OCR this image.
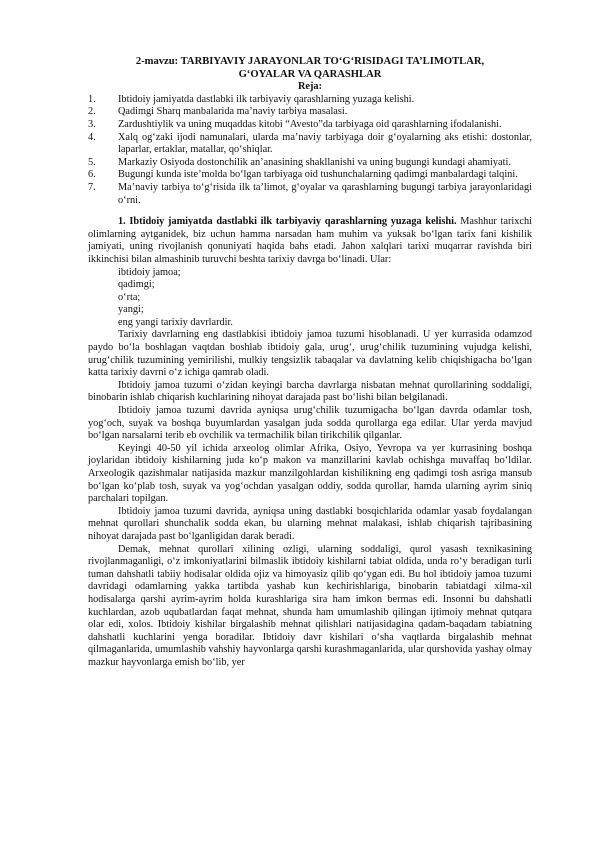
2-mavzu: TARBIYAVIY JARAYONLAR TO‘G‘RISIDAGI TA’LIMOTLAR,
G‘OYALAR VA QARASHLAR
Reja:
1. Ibtidoiy jamiyatda dastlabki ilk tarbiyaviy qarashlarning yuzaga kelishi.
2. Qadimgi Sharq manbalarida ma’naviy tarbiya masalasi.
3. Zardushtiylik va uning muqaddas kitobi “Avesto”da tarbiyaga oid qarashlarning ifodalanishi.
4. Xalq og‘zaki ijodi namunalari, ularda ma’naviy tarbiyaga doir g‘oyalarning aks etishi: dostonlar, laparlar, ertaklar, matallar, qo‘shiqlar.
5. Markaziy Osiyoda dostonchilik an’anasining shakllanishi va uning bugungi kundagi ahamiyati.
6. Bugungi kunda iste’molda bo‘lgan tarbiyaga oid tushunchalarning qadimgi manbalardagi talqini.
7. Ma’naviy tarbiya to‘g‘risida ilk ta’limot, g‘oyalar va qarashlarning bugungi tarbiya jarayonlaridagi o‘rni.

1. Ibtidoiy jamiyatda dastlabki ilk tarbiyaviy qarashlarning yuzaga kelishi. Mashhur tarixchi olimlarning aytganidek, biz uchun hamma narsadan ham muhim va yuksak bo‘lgan tarix fani kishilik jamiyati, uning rivojlanish qonuniyati haqida bahs etadi. Jahon xalqlari tarixi muqarrar ravishda biri ikkinchisi bilan almashinib turuvchi beshta tarixiy davrga bo‘linadi. Ular:

ibtidoiy jamoa;
qadimgi;
o‘rta;
yangi;
eng yangi tarixiy davrlardir.

Tarixiy davrlarning eng dastlabkisi ibtidoiy jamoa tuzumi hisoblanadi. U yer kurrasida odamzod paydo bo‘la boshlagan vaqtdan boshlab ibtidoiy gala, urug‘, urug‘chilik tuzumining vujudga kelishi, urug‘chilik tuzumining yemirilishi, mulkiy tengsizlik tabaqalar va davlatning kelib chiqishigacha bo‘lgan katta tarixiy davrni o‘z ichiga qamrab oladi.

Ibtidoiy jamoa tuzumi o‘zidan keyingi barcha davrlarga nisbatan mehnat qurollarining soddaligi, binobarin ishlab chiqarish kuchlarining nihoyat darajada past bo‘lishi bilan belgilanadi.

Ibtidoiy jamoa tuzumi davrida ayniqsa urug‘chilik tuzumigacha bo‘lgan davrda odamlar tosh, yog‘och, suyak va boshqa buyumlardan yasalgan juda sodda qurollarga ega edilar. Ular yerda mavjud bo‘lgan narsalarni terib eb ovchilik va termachilik bilan tirikchilik qilganlar.

Keyingi 40-50 yil ichida arxeolog olimlar Afrika, Osiyo, Yevropa va yer kurrasining boshqa joylaridan ibtidoiy kishilarning juda ko‘p makon va manzillarini kavlab ochishga muvaffaq bo‘ldilar. Arxeologik qazishmalar natijasida mazkur manzilgohlardan kishilikning eng qadimgi tosh asriga mansub bo‘lgan ko‘plab tosh, suyak va yog‘ochdan yasalgan oddiy, sodda qurollar, hamda ularning ayrim siniq parchalari topilgan.

Ibtidoiy jamoa tuzumi davrida, ayniqsa uning dastlabki bosqichlarida odamlar yasab foydalangan mehnat qurollari shunchalik sodda ekan, bu ularning mehnat malakasi, ishlab chiqarish tajribasining nihoyat darajada past bo‘lganligidan darak beradi.

Demak, mehnat qurollari xilining ozligi, ularning soddaligi, qurol yasash texnikasining rivojlanmaganligi, o‘z imkoniyatlarini bilmaslik ibtidoiy kishilarni tabiat oldida, unda ro‘y beradigan turli tuman dahshatli tabiiy hodisalar oldida ojiz va himoyasiz qilib qo‘ygan edi. Bu hol ibtidoiy jamoa tuzumi davridagi odamlarning yakka tartibda yashab kun kechirishlariga, binobarin tabiatdagi xilma-xil hodisalarga qarshi ayrim-ayrim holda kurashlariga sira ham imkon bermas edi. Insonni bu dahshatli kuchlardan, azob uqubatlardan faqat mehnat, shunda ham umumlashib qilingan ijtimoiy mehnat qutqara olar edi, xolos. Ibtidoiy kishilar birgalashib mehnat qilishlari natijasidagina qadam-baqadam tabiatning dahshatli kuchlarini yenga boradilar. Ibtidoiy davr kishilari o‘sha vaqtlarda birgalashib mehnat qilmaganlarida, umumlashib vahshiy hayvonlarga qarshi kurashmaganlarida, ular qurshovida yashay olmay mazkur hayvonlarga emish bo‘lib, yer
